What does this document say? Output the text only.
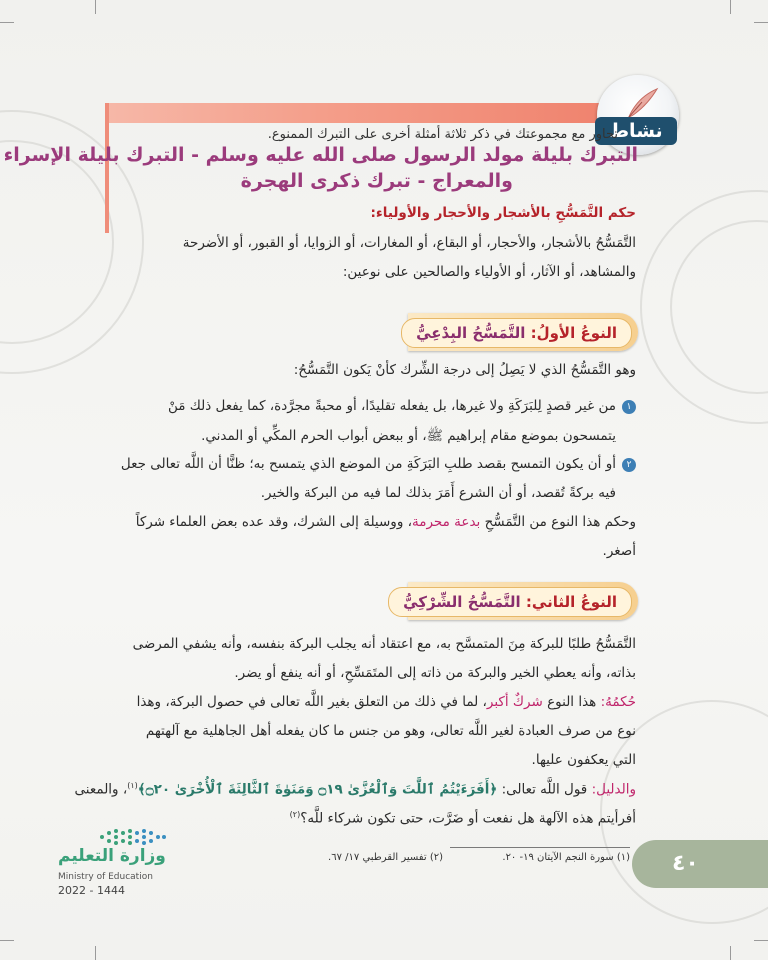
نشاط
تحاور مع مجموعتك في ذكر ثلاثة أمثلة أخرى على التبرك الممنوع.
التبرك بليلة مولد الرسول صلى الله عليه وسلم - التبرك بليلة الإسراء
والمعراج - تبرك ذكرى الهجرة
حكم التَّمَسُّحِ بالأشجار والأحجار والأولياء:
التَّمَسُّحُ بالأشجار، والأحجار، أو البقاع، أو المغارات، أو الزوايا، أو القبور، أو الأضرحة
والمشاهد، أو الآثار، أو الأولياء والصالحين على نوعين:
النوعُ الأولُ: التَّمَسُّحُ البِدْعِيُّ
وهو التَّمَسُّحُ الذي لا يَصِلُ إلى درجة الشِّرك كأنْ يَكون التَّمَسُّحُ:
١
من غير قصدٍ لِلبَرَكَةِ ولا غيرها، بل يفعله تقليدًا، أو محبةً مجرَّدة، كما يفعل ذلك مَنْ
يتمسحون بموضع مقام إبراهيم ﷺ، أو ببعض أبواب الحرم المكِّي أو المدني.
٢
أو أن يكون التمسح بقصد طلبِ البَرَكَةِ من الموضع الذي يتمسح به؛ ظنًّا أن اللَّه تعالى جعل
فيه بركةً تُقصد، أو أن الشرع أَمَرَ بذلك لما فيه من البركة والخير.
وحكم هذا النوع من التَّمَسُّحِ بدعة محرمة، ووسيلة إلى الشرك، وقد عده بعض العلماء شركاً
أصغر.
النوعُ الثاني: التَّمَسُّحُ الشِّرْكِيُّ
التَّمَسُّحُ طلبًا للبركة مِنَ المتمسَّح به، مع اعتقاد أنه يجلب البركة بنفسه، وأنه يشفي المرضى
بذاته، وأنه يعطي الخير والبركة من ذاته إلى المتَمَسِّحِ، أو أنه ينفع أو يضر.
حُكمُهُ: هذا النوع شركٌ أكبر، لما في ذلك من التعلق بغير اللَّه تعالى في حصول البركة، وهذا
نوع من صرف العبادة لغير اللَّه تعالى، وهو من جنس ما كان يفعله أهل الجاهلية مع آلهتهم
التي يعكفون عليها.
والدليل: قول اللَّه تعالى: ﴿أَفَرَءَيْتُمُ ٱللَّٰتَ وَٱلْعُزَّىٰ ۝١٩ وَمَنَوٰةَ ٱلثَّالِثَةَ ٱلْأُخْرَىٰ ۝٢٠﴾$^{(١)}$، والمعنى
أفرأيتم هذه الآلهة هل نفعت أو ضَرَّت، حتى تكون شركاء للَّه؟$^{(٢)}$
(١) سورة النجم الآيتان ١٩- ٢٠.
(٢) تفسير القرطبي ١٧/ ٦٧.	٤٠
وزارة التعليم
Ministry of Education
2022 - 1444
